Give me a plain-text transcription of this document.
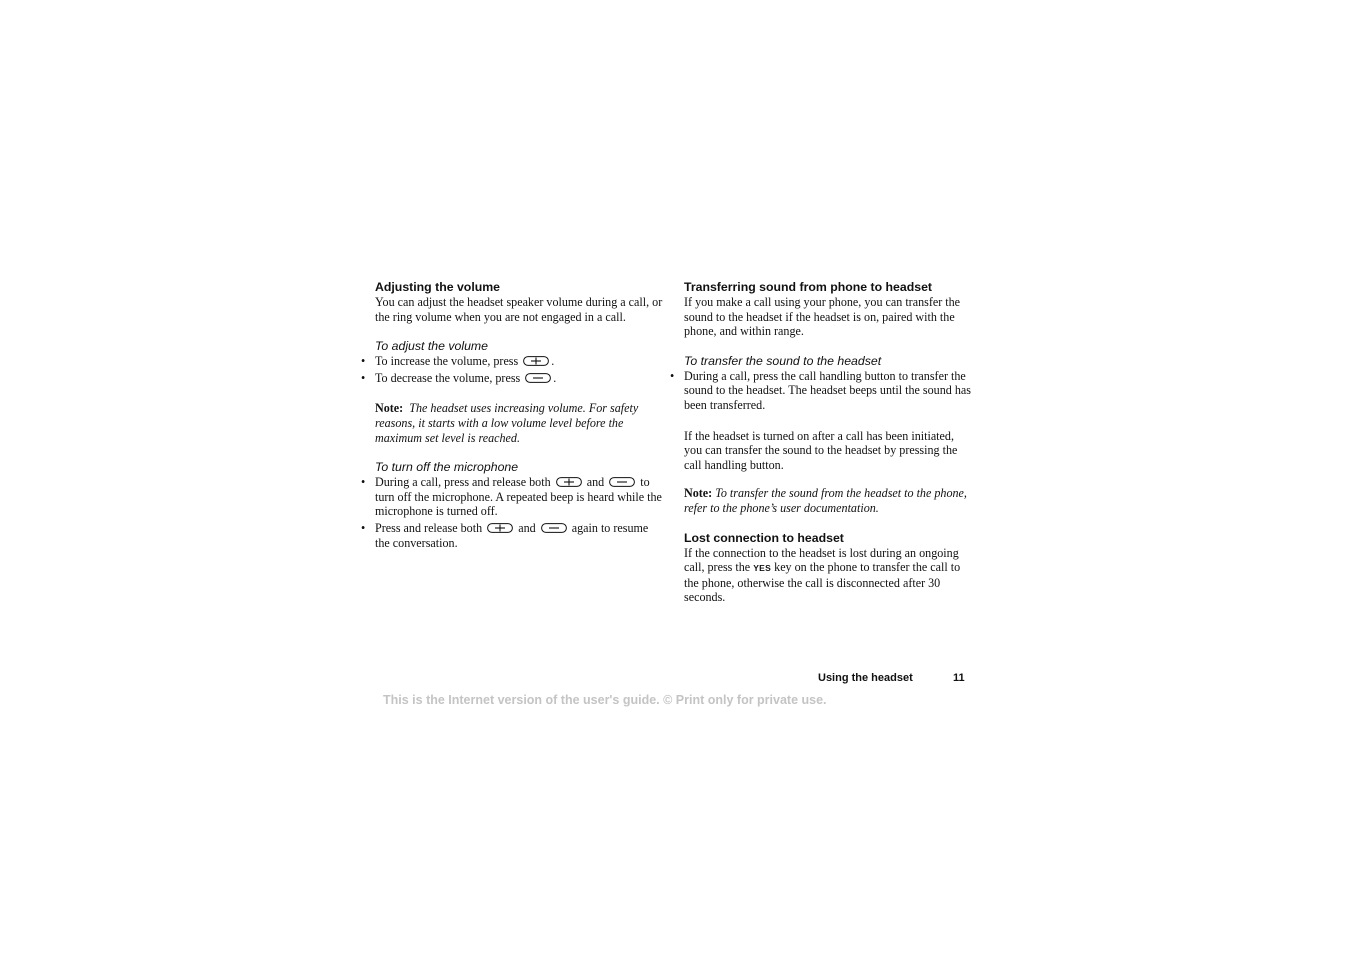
Adjusting the volume

You can adjust the headset speaker volume during a call, or the ring volume when you are not engaged in a call.

To adjust the volume
• To increase the volume, press	.
• To decrease the volume, press	.

Note: The headset uses increasing volume. For safety reasons, it starts with a low volume level before the maximum set level is reached.

To turn off the microphone
• During a call, press and release both	and	to turn off the microphone. A repeated beep is heard while the microphone is turned off.
• Press and release both	and	again to resume the conversation.
Transferring sound from phone to headset

If you make a call using your phone, you can transfer the sound to the headset if the headset is on, paired with the phone, and within range.

To transfer the sound to the headset
• During a call, press the call handling button to transfer the sound to the headset. The headset beeps until the sound has been transferred.

If the headset is turned on after a call has been initiated, you can transfer the sound to the headset by pressing the call handling button.

Note: To transfer the sound from the headset to the phone, refer to the phone’s user documentation.

Lost connection to headset

If the connection to the headset is lost during an ongoing call, press the YES key on the phone to transfer the call to the phone, otherwise the call is disconnected after 30 seconds.

Using the headset	11
This is the Internet version of the user's guide. © Print only for private use.
